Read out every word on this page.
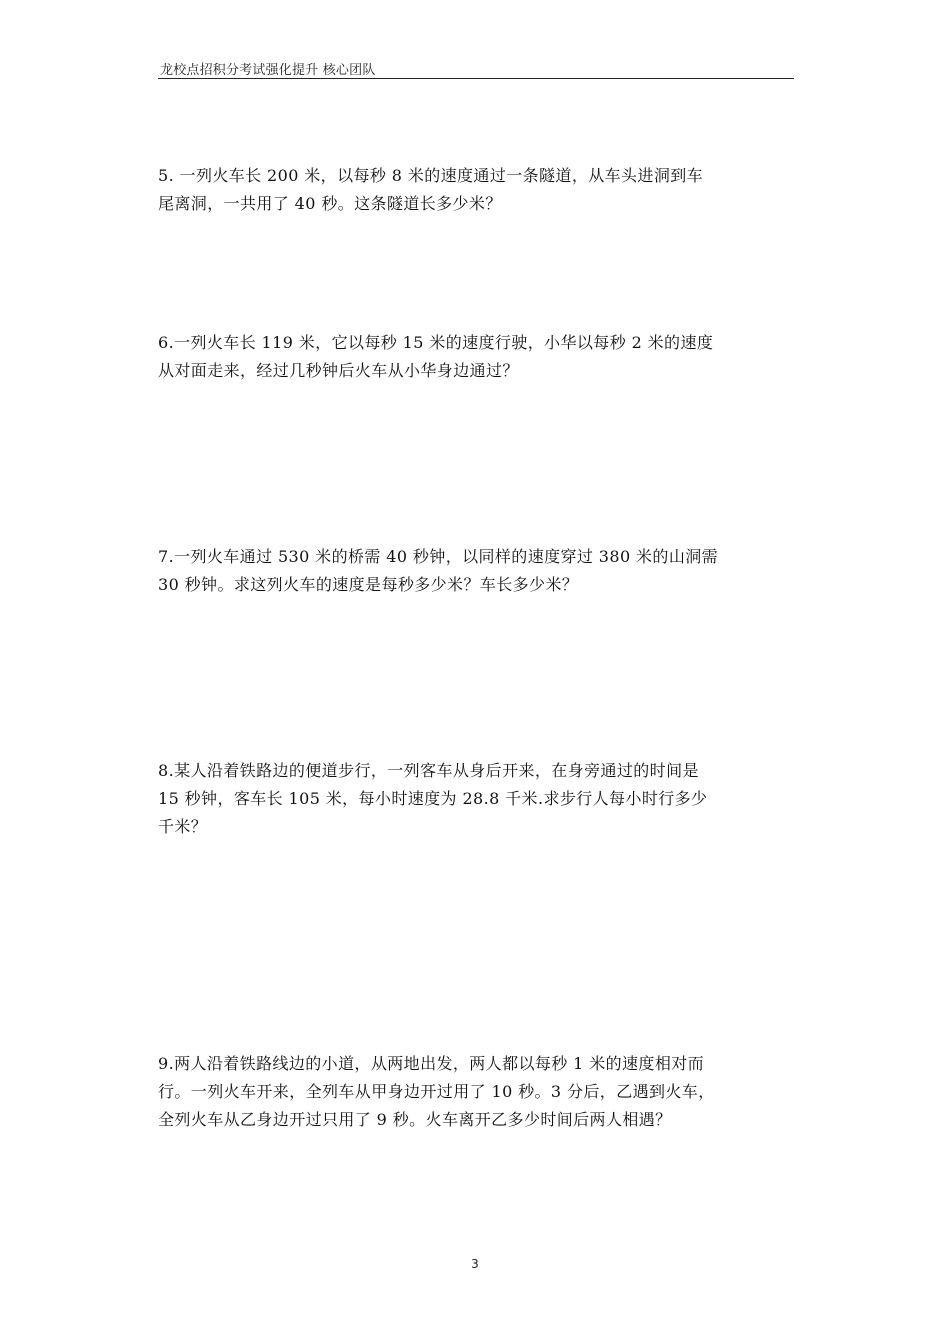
龙校点招积分考试强化提升 核心团队
5. 一列火车长 200 米，以每秒 8 米的速度通过一条隧道，从车头进洞到车
尾离洞，一共用了 40 秒。这条隧道长多少米？
6.一列火车长 119 米，它以每秒 15 米的速度行驶，小华以每秒 2 米的速度
从对面走来，经过几秒钟后火车从小华身边通过？
7.一列火车通过 530 米的桥需 40 秒钟，以同样的速度穿过 380 米的山洞需
30 秒钟。求这列火车的速度是每秒多少米？车长多少米？
8.某人沿着铁路边的便道步行，一列客车从身后开来，在身旁通过的时间是
15 秒钟，客车长 105 米，每小时速度为 28.8 千米.求步行人每小时行多少
千米？
9.两人沿着铁路线边的小道，从两地出发，两人都以每秒 1 米的速度相对而
行。一列火车开来，全列车从甲身边开过用了 10 秒。3 分后，乙遇到火车，
全列火车从乙身边开过只用了 9 秒。火车离开乙多少时间后两人相遇？
3
